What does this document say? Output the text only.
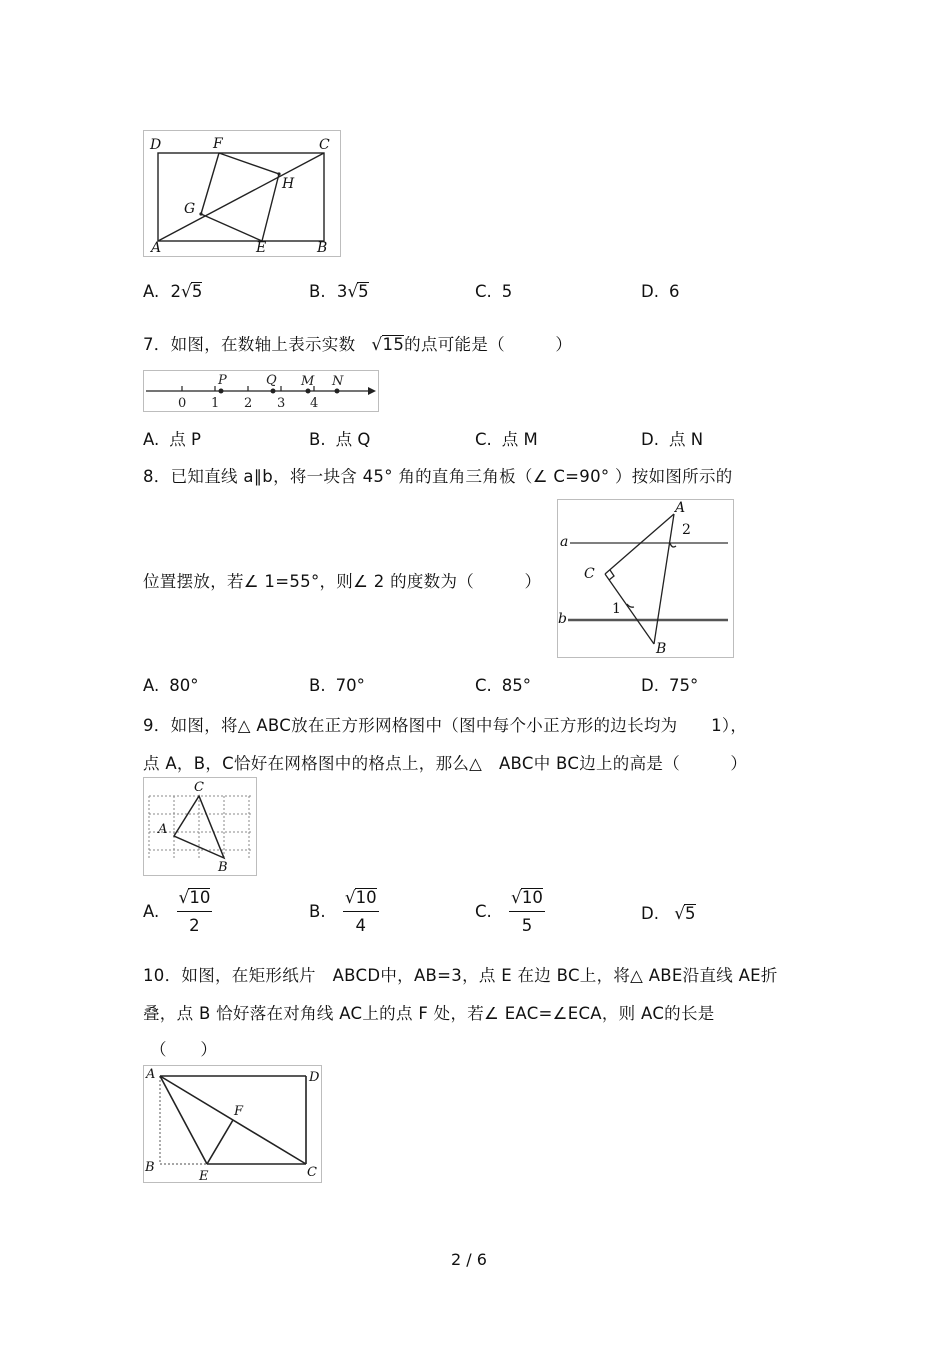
D	F	C
G
H
A	E	B
A. 2√5	B. 3√5	C. 5	D. 6
7．如图，在数轴上表示实数 √15的点可能是（　　　）
0 1 2 3 4
P	Q M N
A. 点 P	B. 点 Q	C. 点 M	D. 点 N
8．已知直线 a∥b，将一块含 45° 角的直角三角板（∠ C=90° ）按如图所示的
A
a
2
C
1
b
B
位置摆放，若∠ 1=55°，则∠ 2 的度数为（　　　）
A. 80°	B. 70°	C. 85°	D. 75°
9．如图，将△ ABC放在正方形网格图中（图中每个小正方形的边长均为　　1），
点 A，B，C恰好在网格图中的格点上，那么△　ABC中 BC边上的高是（　　　）
C
A
B
A. $\frac{√10}{2}$	B. $\frac{√10}{4}$	C. $\frac{√10}{5}$	D. √5
10．如图，在矩形纸片　ABCD中，AB=3，点 E 在边 BC上，将△ ABE沿直线 AE折
叠，点 B 恰好落在对角线 AC上的点 F 处，若∠ EAC=∠ECA，则 AC的长是
（　　）
A	D
F
B
E	C
2 / 6
